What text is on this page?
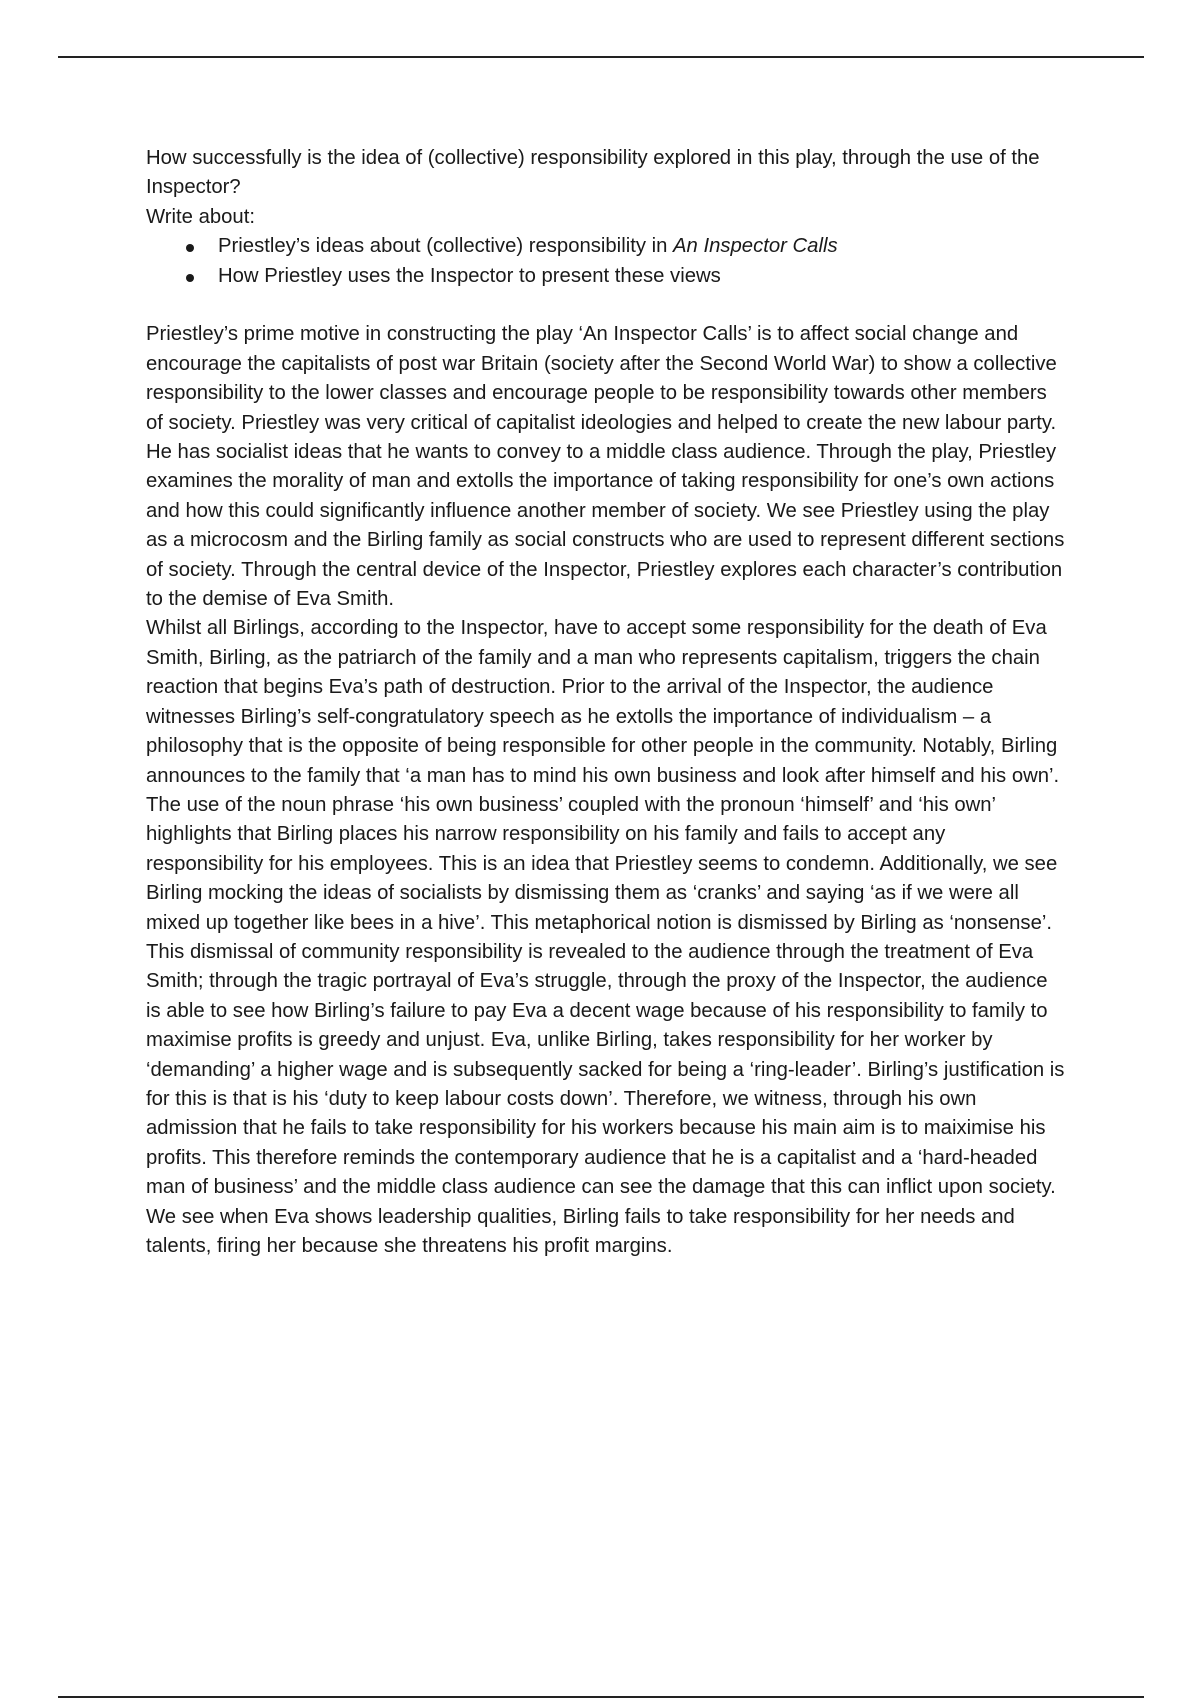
How successfully is the idea of (collective) responsibility explored in this play, through the use of the Inspector?

Write about:

Priestley’s ideas about (collective) responsibility in An Inspector Calls
How Priestley uses the Inspector to present these views

Priestley’s prime motive in constructing the play ‘An Inspector Calls’ is to affect social change and encourage the capitalists of post war Britain (society after the Second World War) to show a collective responsibility to the lower classes and encourage people to be responsibility towards other members of society. Priestley was very critical of capitalist ideologies and helped to create the new labour party. He has socialist ideas that he wants to convey to a middle class audience. Through the play, Priestley examines the morality of man and extolls the importance of taking responsibility for one’s own actions and how this could significantly influence another member of society. We see Priestley using the play as a microcosm and the Birling family as social constructs who are used to represent different sections of society. Through the central device of the Inspector, Priestley explores each character’s contribution to the demise of Eva Smith.

Whilst all Birlings, according to the Inspector, have to accept some responsibility for the death of Eva Smith, Birling, as the patriarch of the family and a man who represents capitalism, triggers the chain reaction that begins Eva’s path of destruction. Prior to the arrival of the Inspector, the audience witnesses Birling’s self-congratulatory speech as he extolls the importance of individualism – a philosophy that is the opposite of being responsible for other people in the community. Notably, Birling announces to the family that ‘a man has to mind his own business and look after himself and his own’. The use of the noun phrase ‘his own business’ coupled with the pronoun ‘himself’ and ‘his own’ highlights that Birling places his narrow responsibility on his family and fails to accept any responsibility for his employees. This is an idea that Priestley seems to condemn. Additionally, we see Birling mocking the ideas of socialists by dismissing them as ‘cranks’ and saying ‘as if we were all mixed up together like bees in a hive’. This metaphorical notion is dismissed by Birling as ‘nonsense’. This dismissal of community responsibility is revealed to the audience through the treatment of Eva Smith; through the tragic portrayal of Eva’s struggle, through the proxy of the Inspector, the audience is able to see how Birling’s failure to pay Eva a decent wage because of his responsibility to family to maximise profits is greedy and unjust. Eva, unlike Birling, takes responsibility for her worker by ‘demanding’ a higher wage and is subsequently sacked for being a ‘ring-leader’. Birling’s justification is for this is that is his ‘duty to keep labour costs down’. Therefore, we witness, through his own admission that he fails to take responsibility for his workers because his main aim is to maiximise his profits. This therefore reminds the contemporary audience that he is a capitalist and a ‘hard-headed man of business’ and the middle class audience can see the damage that this can inflict upon society. We see when Eva shows leadership qualities, Birling fails to take responsibility for her needs and talents, firing her because she threatens his profit margins.
